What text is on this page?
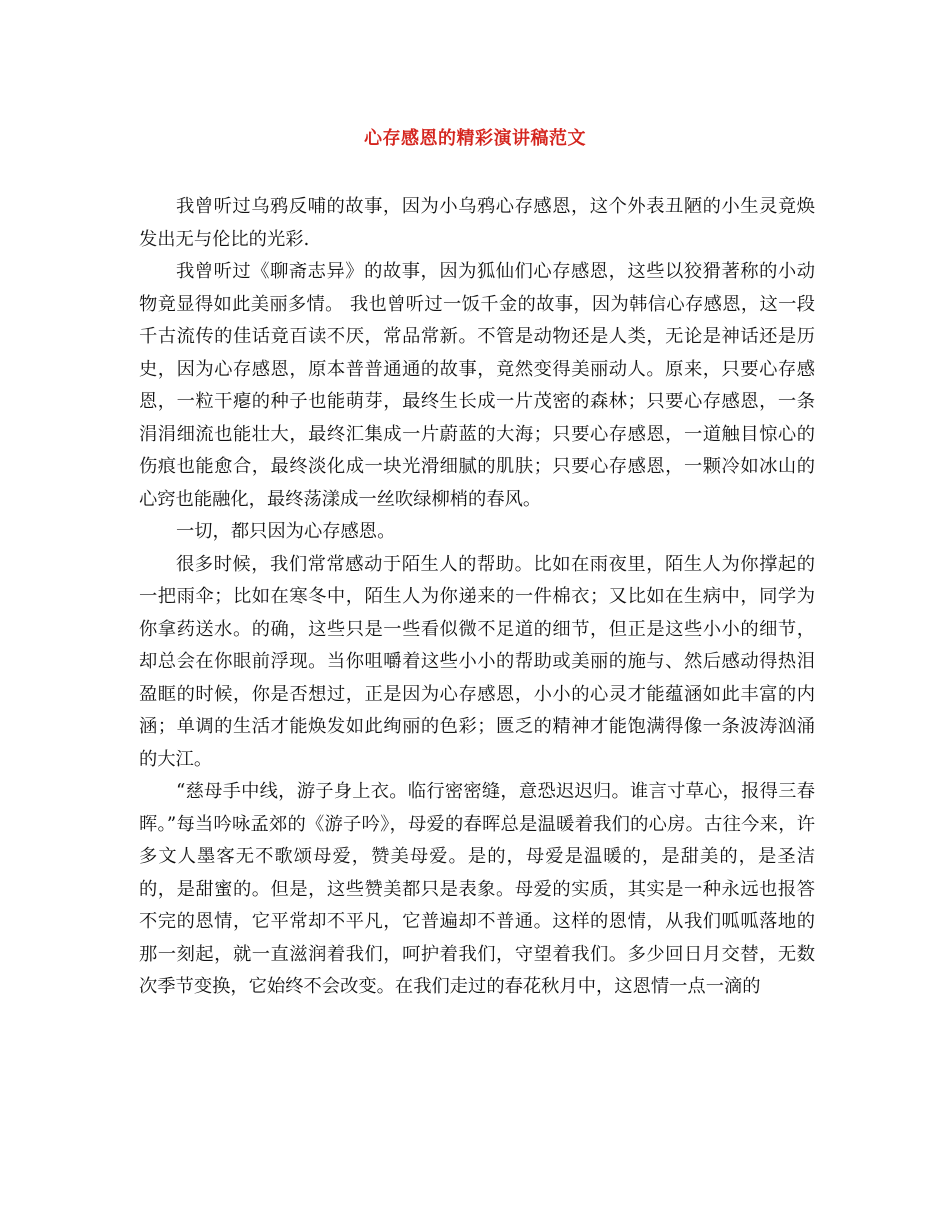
心存感恩的精彩演讲稿范文

我曾听过乌鸦反哺的故事，因为小乌鸦心存感恩，这个外表丑陋的小生灵竟焕发出无与伦比的光彩.

我曾听过《聊斋志异》的故事，因为狐仙们心存感恩，这些以狡猾著称的小动物竟显得如此美丽多情。 我也曾听过一饭千金的故事，因为韩信心存感恩，这一段千古流传的佳话竟百读不厌，常品常新。不管是动物还是人类，无论是神话还是历史，因为心存感恩，原本普普通通的故事，竟然变得美丽动人。原来，只要心存感恩，一粒干瘪的种子也能萌芽，最终生长成一片茂密的森林；只要心存感恩，一条涓涓细流也能壮大，最终汇集成一片蔚蓝的大海；只要心存感恩，一道触目惊心的伤痕也能愈合，最终淡化成一块光滑细腻的肌肤；只要心存感恩，一颗冷如冰山的心窍也能融化，最终荡漾成一丝吹绿柳梢的春风。

一切，都只因为心存感恩。

很多时候，我们常常感动于陌生人的帮助。比如在雨夜里，陌生人为你撑起的一把雨伞；比如在寒冬中，陌生人为你递来的一件棉衣；又比如在生病中，同学为你拿药送水。的确，这些只是一些看似微不足道的细节，但正是这些小小的细节，却总会在你眼前浮现。当你咀嚼着这些小小的帮助或美丽的施与、然后感动得热泪盈眶的时候，你是否想过，正是因为心存感恩，小小的心灵才能蕴涵如此丰富的内涵；单调的生活才能焕发如此绚丽的色彩；匮乏的精神才能饱满得像一条波涛汹涌的大江。

“慈母手中线，游子身上衣。临行密密缝，意恐迟迟归。谁言寸草心，报得三春晖。”每当吟咏孟郊的《游子吟》，母爱的春晖总是温暖着我们的心房。古往今来，许多文人墨客无不歌颂母爱，赞美母爱。是的，母爱是温暖的，是甜美的，是圣洁的，是甜蜜的。但是，这些赞美都只是表象。母爱的实质，其实是一种永远也报答不完的恩情，它平常却不平凡，它普遍却不普通。这样的恩情，从我们呱呱落地的那一刻起，就一直滋润着我们，呵护着我们，守望着我们。多少回日月交替，无数次季节变换，它始终不会改变。在我们走过的春花秋月中，这恩情一点一滴的
